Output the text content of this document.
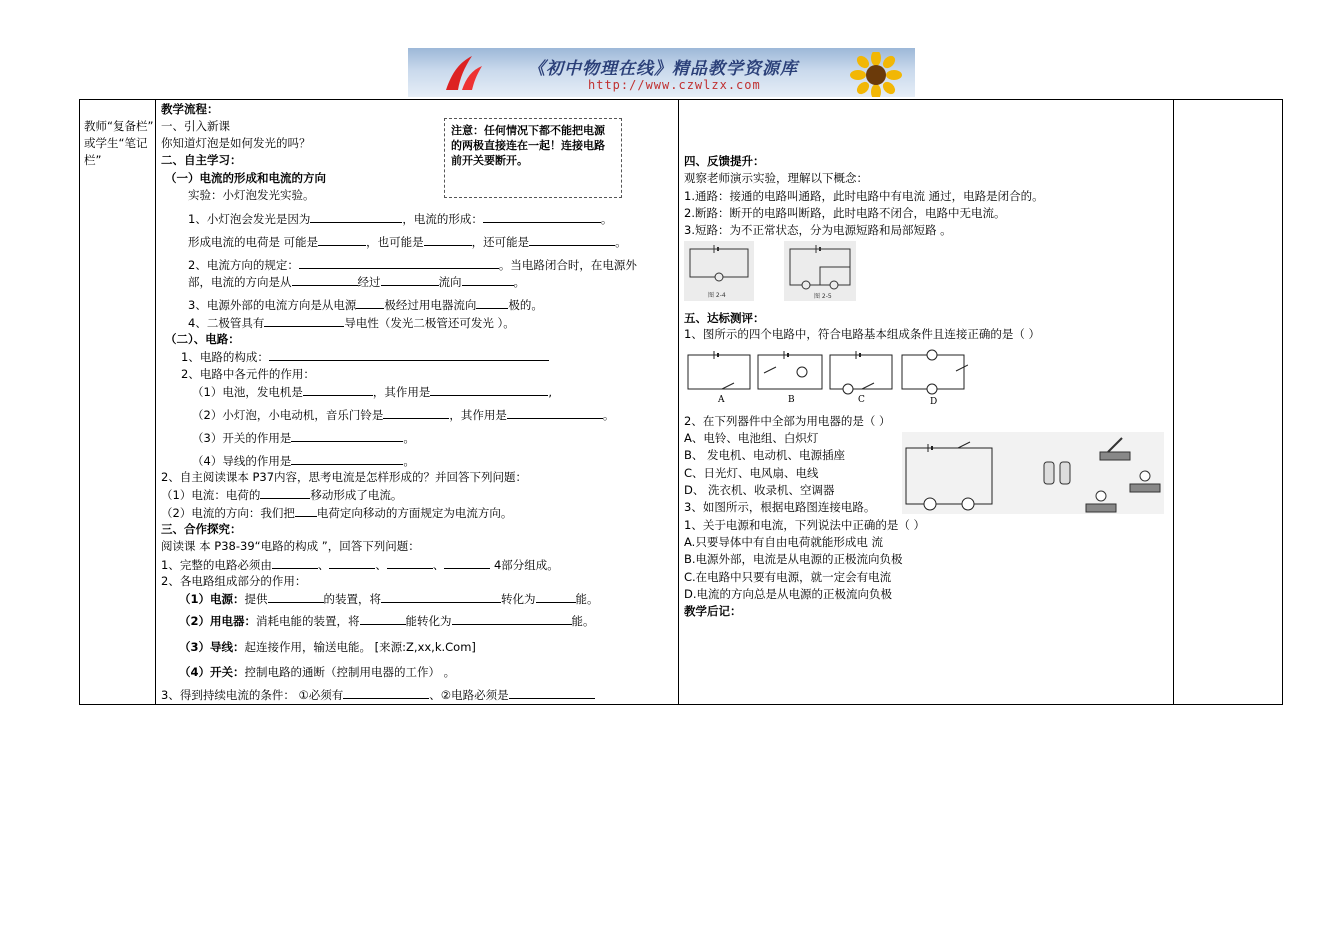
《初中物理在线》精品教学资源库
http://www.czwlzx.com
教师“复备栏”
或学生“笔记
栏”
注意：任何情况下都不能把电源的两极直接连在一起！连接电路前开关要断开。
教学流程：
一、引入新课
你知道灯泡是如何发光的吗？
二、自主学习：
（一）电流的形成和电流的方向
实验：小灯泡发光实验。
1、小灯泡会发光是因为	，电流的形成：	。
形成电流的电荷是 可能是	，也可能是	，还可能是	。
2、电流方向的规定：	。当电路闭合时，在电源外
部，电流的方向是从	经过	流向	。
3、电源外部的电流方向是从电源 极经过用电器流向	极的。
4、二极管具有	导电性（发光二极管还可发光 ）。
（二）、电路：
1、电路的构成：
2、电路中各元件的作用：
（1）电池，发电机是	，其作用是	,
（2）小灯泡，小电动机，音乐门铃是	，其作用是	。
（3）开关的作用是	。
（4）导线的作用是	。
2、自主阅读课本 P37内容，思考电流是怎样形成的？并回答下列问题：
（1）电流：电荷的	移动形成了电流。
（2）电流的方向：我们把 电荷定向移动的方面规定为电流方向。
三、合作探究：
阅读课 本 P38-39“电路的构成 ”，回答下列问题：
1、完整的电路必须由	、	、	、	4部分组成。
2、各电路组成部分的作用：
（1）电源：提供	的装置，将	转化为	能。
（2）用电器：消耗电能的装置，将	能转化为	能。
（3）导线：起连接作用，输送电能。 [来源:Z,xx,k.Com]
（4）开关：控制电路的通断（控制用电器的工作） 。
3、得到持续电流的条件： ①必须有	、②电路必须是
四、反馈提升：
观察老师演示实验，理解以下概念：
1.通路：接通的电路叫通路，此时电路中有电流 通过，电路是闭合的。
2.断路：断开的电路叫断路，此时电路不闭合，电路中无电流。
3.短路：为不正常状态，分为电源短路和局部短路 。
图 2-4	图 2-5
五、达标测评：
1、图所示的四个电路中，符合电路基本组成条件且连接正确的是（ ）
A	B	C	D
2、在下列器件中全部为用电器的是（ ）
A、电铃、电池组、白炽灯
B、 发电机、电动机、电源插座
C、日光灯、电风扇、电线
D、 洗衣机、收录机、空调器
3、如图所示，根据电路图连接电路。
1、关于电源和电流，下列说法中正确的是（ ）
A.只要导体中有自由电荷就能形成电 流
B.电源外部，电流是从电源的正极流向负极
C.在电路中只要有电源，就一定会有电流
D.电流的方向总是从电源的正极流向负极
教学后记：
